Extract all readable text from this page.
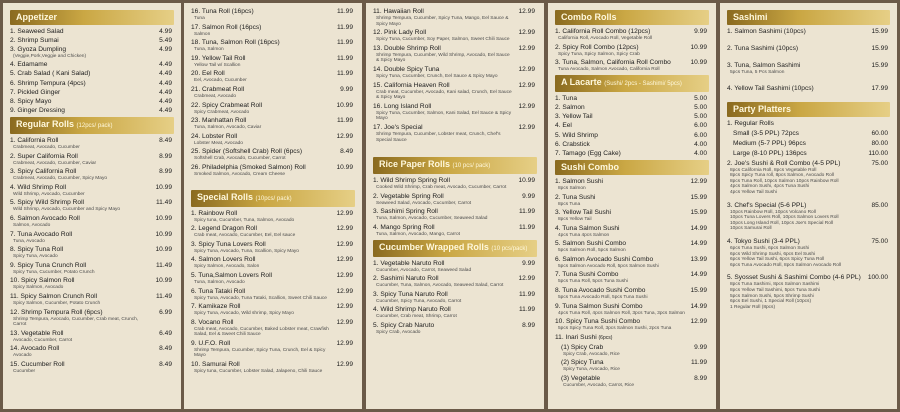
Appetizer
1. Seaweed Salad	4.99
2. Shrimp Sumai	5.49
3. Gyoza Dumpling	4.99
(Veggie,Pork,Veggie and Chicken)
4. Edamame	4.49
5. Crab Salad ( Kani Salad)	4.49
6. Shrimp Tempura (4pcs)	4.49
7. Pickled Ginger	4.49
8. Spicy Mayo	4.49
9. Ginger Dressing	4.49
Regular Rolls (12pcs/ pack)
1. California Roll	8.49
Crabmeat, Avocado, Cucumber
2. Super California Roll	8.99
Crabmeat, Avocado, Cucumber, Caviar
3. Spicy California Roll	8.99
Crabmeat, Avocado, Cucumber, Spicy Mayo
4. Wild Shrimp Roll	10.99
Wild Shrimp, Avocado, Cucumber
5. Spicy Wild Shrimp Roll	11.49
Wild Shrimp, Avocado, Cucumber and Spicy Mayo
6. Salmon Avocado Roll	10.99
Salmon, Avocado
7. Tuna Avocado Roll	10.99
Tuna, Avocado
8. Spicy Tuna Roll	10.99
Spicy Tuna, Avocado
9. Spicy Tuna Crunch Roll	11.49
Spicy Tuna, Cucumber, Potato Crunch
10. Spicy Salmon Roll	10.99
Spicy Salmon, Avocado
11. Spicy Salmon Crunch Roll	11.49
Spicy Salmon, Cucumber, Potato Crunch
12. Shrimp Tempura Roll (6pcs)	6.99
Shrimp Tempura, Avocado, Cucumber, Crab meat, Crunch, Carrot
13. Vegetable Roll	6.49
Avocado, Cucumber, Carrot
14. Avocado Roll	8.49
Avocado
15. Cucumber Roll	8.49
Cucumber
16. Tuna Roll (16pcs)	11.99
Tuna
17. Salmon Roll (16pcs)	11.99
Salmon
18. Tuna, Salmon Roll (16pcs)	11.99
Tuna, Salmon
19. Yellow Tail Roll	11.99
Yellow Tail w/ Scallion
20. Eel Roll	11.99
Eel, Avocado, Cucumber
21. Crabmeat Roll	9.99
Crabmeat, Avocado
22. Spicy Crabmeat Roll	10.99
Spicy Crabmeat, Avocado
23. Manhattan Roll	11.99
Tuna, Salmon, Avocado, Caviar
24. Lobster Roll	12.99
Lobster Meat, Avocado
25. Spider (Softshell Crab) Roll (6pcs)	8.49
Softshell Crab, Avocado, Cucumber, Carrot
26. Philadelphia (Smoked Salmon) Roll	10.99
Smoked Salmon, Avocado, Cream Cheese
Special Rolls (10pcs/ pack)
1. Rainbow Roll	12.99
Spicy tuna, Cucumber, Tuna, Salmon, Avocado
2. Legend Dragon Roll	12.99
Crab meat, Avocado, Cucumber, Eel, Eel sauce
3. Spicy Tuna Lovers Roll	12.99
Spicy Tuna, Avocado, Tuna, Scallion, Spicy Mayo
4. Salmon Lovers Roll	12.99
Spicy Salmon, Avocado, Salon
5. Tuna,Salmon Lovers Roll	12.99
Tuna, Salmon, Avocado
6. Tuna Tataki Roll	12.99
Spicy Tuna, Avocado, Tuna Tataki, Scallion, Sweet Chili Sauce
7. Kamikaze Roll	12.99
Spicy Tuna, Avocado, Wild shrimp, Spicy Mayo
8. Vocano Roll	12.99
Crab meat, Avocado, Cucumber, Baked Lobster meat, Crawfish Salad, Eel & Sweet Chili Sauce
9. U.F.O. Roll	12.99
Shrimp Tempura, Cucumber, Spicy Tuna, Crunch, Eel & Spicy Mayo
10. Samurai Roll	12.99
Spicy tuna, Cucumber, Lobster Salad, Jalapeno, Chili Sauce
11. Hawaiian Roll	12.99
Shrimp Tempura, Cucumber, Spicy Tuna, Mango, Eel Sauce & Spicy Mayo
12. Pink Lady Roll	12.99
Spicy Tuna, Cucumber, Soy Paper, Salmon, Sweet Chili Sauce
13. Double Shrimp Roll	12.99
Shrimp Tempura, Cucumber, Wild Shrimp, Avocado, Eel Sauce & Spicy Mayo
14. Double Spicy Tuna	12.99
Spicy Tuna, Cucumber, Crunch, Eel Sauce & Spicy Mayo
15. California Heaven Roll	12.99
Crab meat, Cucumber, Avocado, Kani salad, Crunch, Eel Sauce & Spicy Mayo
16. Long Island Roll	12.99
Spicy Tuna, Cucumber, Salmon, Kani Salad, Eel Sauce & Spicy Mayo
17. Joe's Special	12.99
Shrimp Tempura, Cucumber, Lobster meat, Crunch, Chef's Special Sauce
Rice Paper Rolls (10 pcs/ pack)
1. Wild Shrimp Spring Roll	10.99
Cooked Wild Shrimp, Crab meat, Avocado, Cucumber, Carrot
2. Vegetable Spring Roll	9.99
Seaweed Salad, Avocado, Cucumber, Carrot
3. Sashimi Spring Roll	11.99
Tuna, Salmon, Avocado, Cucumber, Seaweed Salad
4. Mango Spring Roll	11.99
Tuna, Salmon, Avocado, Mango, Carrot
Cucumber Wrapped Rolls (10 pcs/pack)
1. Vegetable Naruto Roll	9.99
Cucumber, Avocado, Carrot, Seaweed Salad
2. Sashimi Naruto Roll	12.99
Cucumber, Tuna, Salmon, Avocado, Seaweed Salad, Carrot
3. Spicy Tuna Naruto Roll	11.99
Cucumber, Spicy Tuna, Avocado, Carrot
4. Wild Shrimp Naruto Roll	11.99
Cucumber, Crab meat, Shrimp, Carrot
5. Spicy Crab Naruto	8.99
Spicy Crab, Avocado
Combo Rolls
1. California Roll Combo (12pcs)	9.99
California Roll, Avocado Roll, Vegetable Roll
2. Spicy Roll Combo (12pcs)	10.99
Spicy Tuna, Spicy Salmon, Spicy Crab
3. Tuna, Salmon, California Roll Combo	10.99
Tuna Avocado, Salmon Avocado, California Roll
A Lacarte (Sushi/ 2pcs - Sashimi/ 5pcs)
1. Tuna	5.00
2. Salmon	5.00
3. Yellow Tail	5.00
4. Eel	6.00
5. Wild Shrimp	6.00
6. Crabstick	4.00
7. Tamago (Egg Cake)	4.00
Sushi Combo
1. Salmon Sushi	12.99
8pcs Salmon
2. Tuna Sushi	15.99
8pcs Tuna
3. Yellow Tail Sushi	15.99
8pcs Yellow Tail
4. Tuna Salmon Sushi	14.99
4pcs Tuna 4pcs Salmon
5. Salmon Sushi Combo	14.99
5pcs Salmon Roll, 5pcs Salmon
6. Salmon Avocado Sushi Combo	13.99
5pcs Salmon Avocado Roll, 5pcs Salmon Sushi
7. Tuna Sushi Combo	14.99
5pcs Tuna Roll, 5pcs Tuna Sushi
8. Tuna Avocado Sushi Combo	15.99
5pcs Tuna Avocado Roll, 5pcs Tuna Sushi
9. Tuna Salmon Sushi Combo	14.99
4pcs Tuna Roll, 4pcs Salmon Roll, 3pcs Tuna, 3pcs Salmon
10. Spicy Tuna Sushi Combo	12.99
5pcs Spicy Tuna Roll, 3pcs Salmon Sushi, 2pcs Tuna
11. Inari Sushi (6pcs)
(1) Spicy Crab	9.99
Spicy Crab, Avocado, Rice
(2) Spicy Tuna	11.99
Spicy Tuna, Avocado, Rice
(3) Vegetable	8.99
Cucumber, Avocado, Carrot, Rice
Sashimi
1. Salmon Sashimi (10pcs)	15.99
2. Tuna Sashimi (10pcs)	15.99
3. Tuna, Salmon Sashimi	15.99
5pcs Tuna, 5 Pcs Salmon
4. Yellow Tail Sashimi (10pcs)	17.99
Party Platters
1. Regular Rolls
Small (3-5 PPL) 72pcs	60.00
Medium (5-7 PPL) 96pcs	80.00
Large (8-10 PPL) 136pcs	110.00
2. Joe's Sushi & Roll Combo (4-5 PPL)	75.00
8pcs California Roll, 8pcs Vegetable Roll
8pcs Spicy Tuna roll, 8pcs Salmon, Avocado Roll
8pcs Tuna Roll, 10pcs Salmon 10pcs Rainbow Roll
4pcs Salmon Sushi, 4pcs Tuna Sushi
4pcs Yellow Tail Sushi
3. Chef's Special (5-6 PPL)	85.00
10pcs Rainbow Roll, 10pcs Volcano Roll
10pcs Tuna Lovers Roll, 10pcs Salmon Lovers Roll
10pcs Long Island Roll, 10pcs Joe's Special Roll
10pcs Samurai Roll
4. Tokyo Sushi (3-4 PPL)	75.00
6pcs Tuna Sushi, 6pcs Salmon Sushi
6pcs Wild Shrimp Sushi, 6pcs Eel Sushi
6pcs Yellow Tail Sushi, 6pcs Spicy Tuna Roll
6pcs Tuna Avocado Roll, 8pcs Salmon Avocado Roll
5. Syosset Sushi & Sashimi Combo (4-6 PPL)	100.00
8pcs Tuna Sashimi, 8pcs Salmon Sashimi
8pcs Yellow Tail Sashimi, 5pcs Tuna Sushi
5pcs Salmon Sushi, 5pcs Shrimp Sushi
6pcs Eel Sushi, 1 Special Roll (10pcs)
1 Regular Roll (8pcs)
